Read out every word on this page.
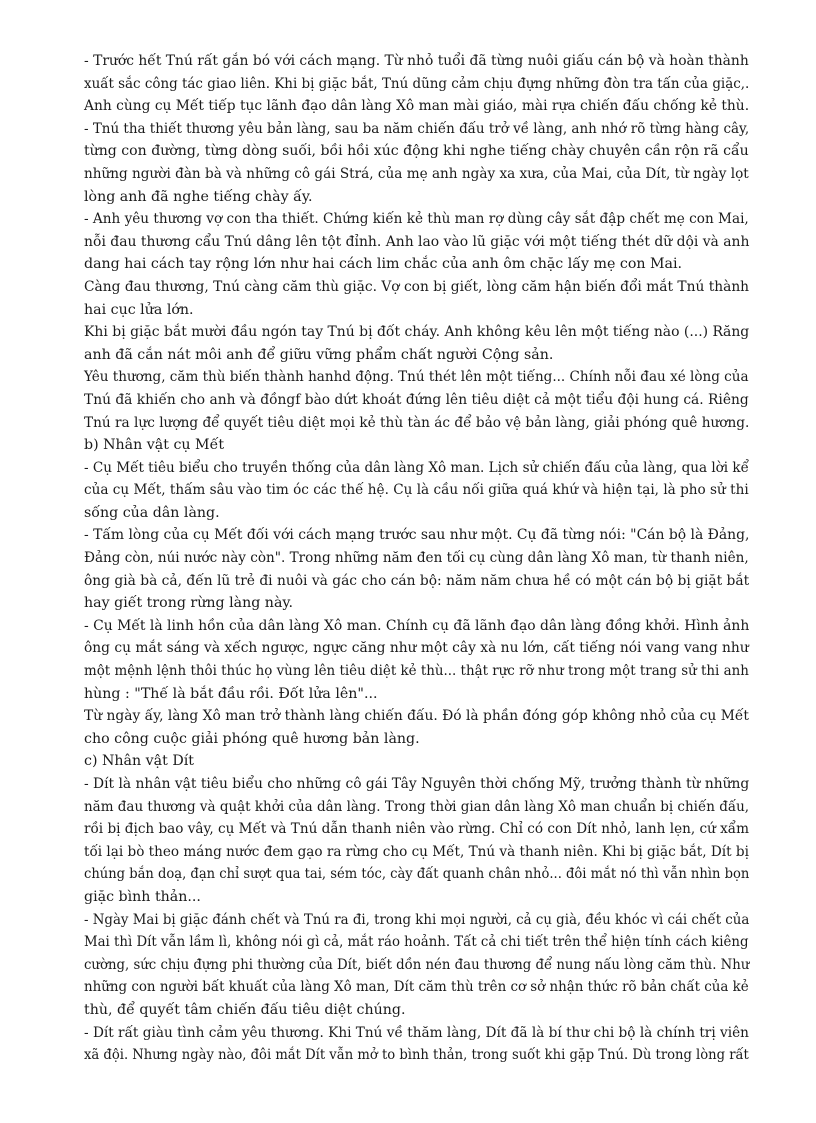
- Trước hết Tnú rất gắn bó với cách mạng. Từ nhỏ tuổi đã từng nuôi giấu cán bộ và hoàn thành
xuất sắc công tác giao liên. Khi bị giặc bắt, Tnú dũng cảm chịu đựng những đòn tra tấn của giặc,.
Anh cùng cụ Mết tiếp tục lãnh đạo dân làng Xô man mài giáo, mài rựa chiến đấu chống kẻ thù.
- Tnú tha thiết thương yêu bản làng, sau ba năm chiến đấu trở về làng, anh nhớ rõ từng hàng cây,
từng con đường, từng dòng suối, bồi hồi xúc động khi nghe tiếng chày chuyên cần rộn rã cẩu
những người đàn bà và những cô gái Strá, của mẹ anh ngày xa xưa, của Mai, của Dít, từ ngày lọt
lòng anh đã nghe tiếng chày ấy.
- Anh yêu thương vợ con tha thiết. Chứng kiến kẻ thù man rợ dùng cây sắt đập chết mẹ con Mai,
nỗi đau thương cẩu Tnú dâng lên tột đỉnh. Anh lao vào lũ giặc với một tiếng thét dữ dội và anh
dang hai cách tay rộng lớn như hai cách lim chắc của anh ôm chặc lấy mẹ con Mai.
Càng đau thương, Tnú càng căm thù giặc. Vợ con bị giết, lòng căm hận biến đổi mắt Tnú thành
hai cục lửa lớn.
Khi bị giặc bắt mười đầu ngón tay Tnú bị đốt cháy. Anh không kêu lên một tiếng nào (...) Răng
anh đã cắn nát môi anh để giữu vững phẩm chất người Cộng sản.
Yêu thương, căm thù biến thành hanhd động. Tnú thét lên một tiếng... Chính nỗi đau xé lòng của
Tnú đã khiến cho anh và đồngf bào dứt khoát đứng lên tiêu diệt cả một tiểu đội hung cá. Riêng
Tnú ra lực lượng để quyết tiêu diệt mọi kẻ thù tàn ác để bảo vệ bản làng, giải phóng quê hương.
b) Nhân vật cụ Mết
- Cụ Mết tiêu biểu cho truyền thống của dân làng Xô man. Lịch sử chiến đấu của làng, qua lời kể
của cụ Mết, thấm sâu vào tim óc các thế hệ. Cụ là cầu nối giữa quá khứ và hiện tại, là pho sử thi
sống của dân làng.
- Tấm lòng của cụ Mết đối với cách mạng trước sau như một. Cụ đã từng nói: "Cán bộ là Đảng,
Đảng còn, núi nước này còn". Trong những năm đen tối cụ cùng dân làng Xô man, từ thanh niên,
ông già bà cả, đến lũ trẻ đi nuôi và gác cho cán bộ: năm năm chưa hề có một cán bộ bị giặt bắt
hay giết trong rừng làng này.
- Cụ Mết là linh hồn của dân làng Xô man. Chính cụ đã lãnh đạo dân làng đồng khởi. Hình ảnh
ông cụ mắt sáng và xếch ngược, ngực căng như một cây xà nu lớn, cất tiếng nói vang vang như
một mệnh lệnh thôi thúc họ vùng lên tiêu diệt kẻ thù... thật rực rỡ như trong một trang sử thi anh
hùng : "Thế là bắt đầu rồi. Đốt lửa lên"...
Từ ngày ấy, làng Xô man trở thành làng chiến đấu. Đó là phần đóng góp không nhỏ của cụ Mết
cho công cuộc giải phóng quê hương bản làng.
c) Nhân vật Dít
- Dít là nhân vật tiêu biểu cho những cô gái Tây Nguyên thời chống Mỹ, trưởng thành từ những
năm đau thương và quật khởi của dân làng. Trong thời gian dân làng Xô man chuẩn bị chiến đấu,
rồi bị địch bao vây, cụ Mết và Tnú dẫn thanh niên vào rừng. Chỉ có con Dít nhỏ, lanh lẹn, cứ xẩm
tối lại bò theo máng nước đem gạo ra rừng cho cụ Mết, Tnú và thanh niên. Khi bị giặc bắt, Dít bị
chúng bắn doạ, đạn chỉ sượt qua tai, sém tóc, cày đất quanh chân nhỏ... đôi mắt nó thì vẫn nhìn bọn
giặc bình thản...
- Ngày Mai bị giặc đánh chết và Tnú ra đi, trong khi mọi người, cả cụ già, đều khóc vì cái chết của
Mai thì Dít vẫn lầm lì, không nói gì cả, mắt ráo hoảnh. Tất cả chi tiết trên thể hiện tính cách kiêng
cường, sức chịu đựng phi thường của Dít, biết dồn nén đau thương để nung nấu lòng căm thù. Như
những con người bất khuất của làng Xô man, Dít căm thù trên cơ sở nhận thức rõ bản chất của kẻ
thù, để quyết tâm chiến đấu tiêu diệt chúng.
- Dít rất giàu tình cảm yêu thương. Khi Tnú về thăm làng, Dít đã là bí thư chi bộ là chính trị viên
xã đội. Nhưng ngày nào, đôi mắt Dít vẫn mở to bình thản, trong suốt khi gặp Tnú. Dù trong lòng rất
